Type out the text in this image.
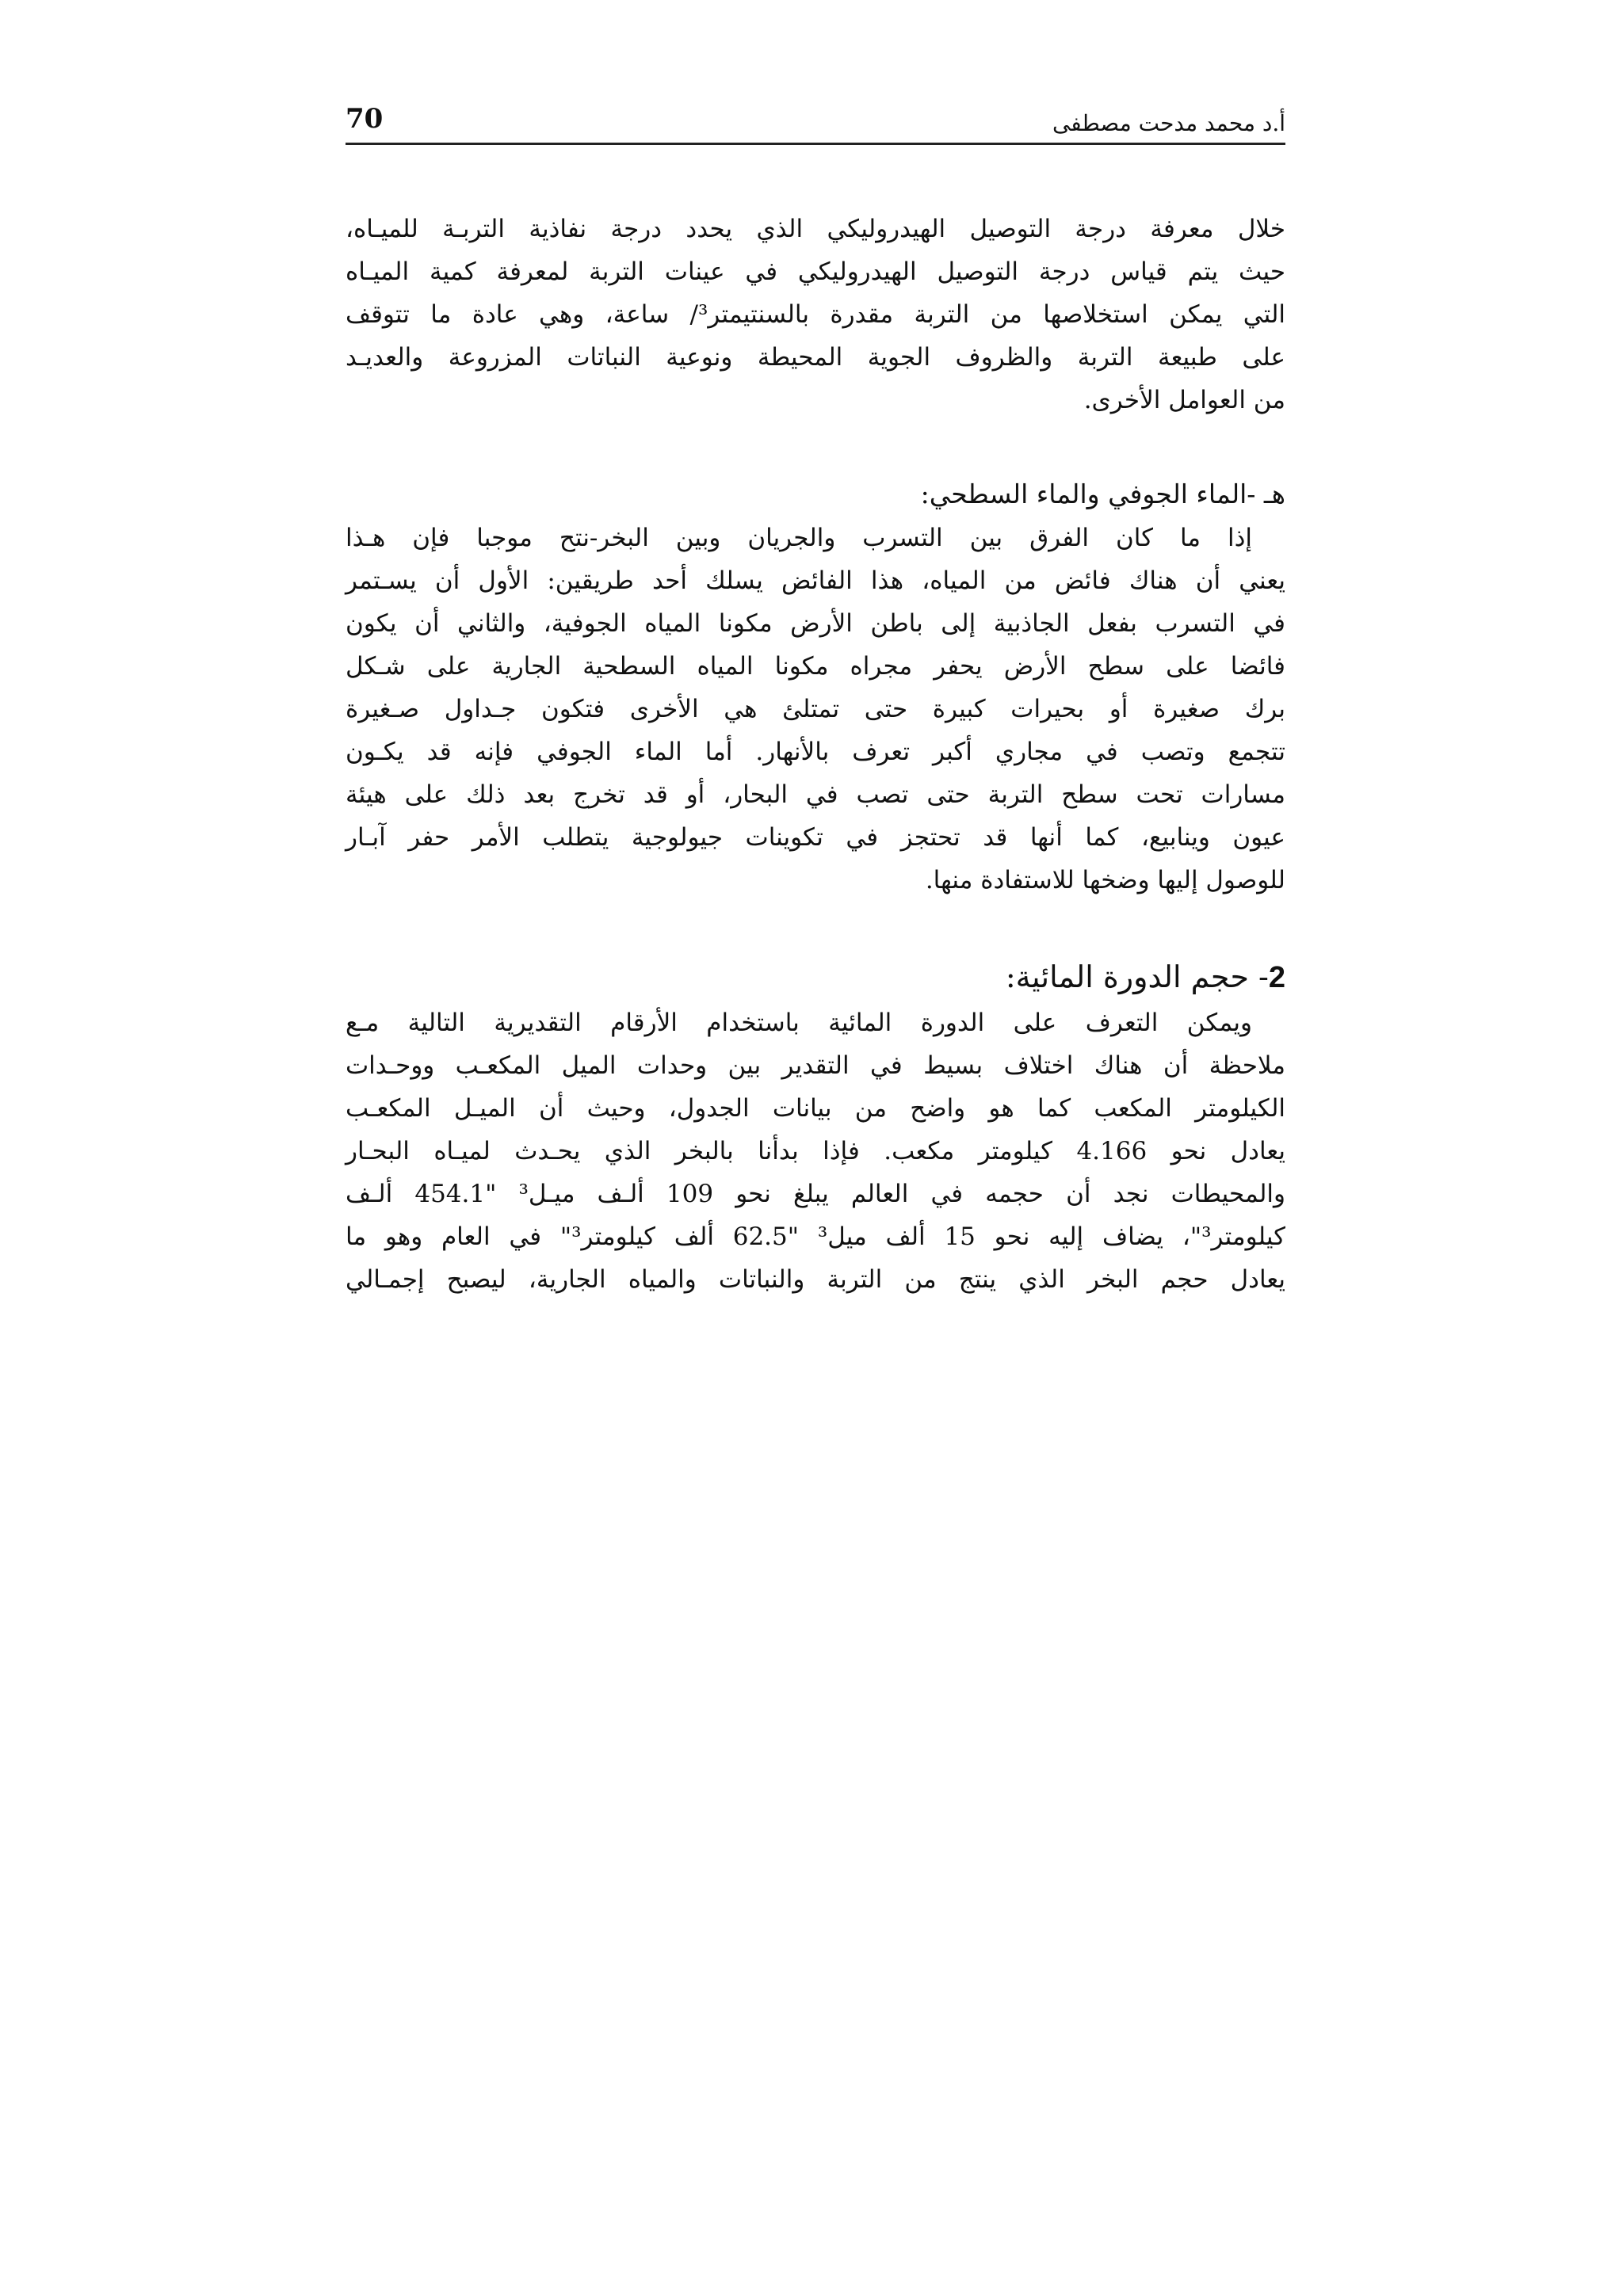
أ.د محمد مدحت مصطفى
70
خلال معرفة درجة التوصيل الهيدروليكي الذي يحدد درجة نفاذية التربـة للميـاه،
حيث يتم قياس درجة التوصيل الهيدروليكي في عينات التربة لمعرفة كمية الميـاه
التي يمكن استخلاصها من التربة مقدرة بالسنتيمتر³/ ساعة، وهي عادة ما تتوقف
على طبيعة التربة والظروف الجوية المحيطة ونوعية النباتات المزروعة والعديـد
من العوامل الأخرى.
هـ -الماء الجوفي والماء السطحي:
إذا ما كان الفرق بين التسرب والجريان وبين البخر-نتح موجبا فإن هـذا
يعني أن هناك فائض من المياه، هذا الفائض يسلك أحد طريقين: الأول أن يسـتمر
في التسرب بفعل الجاذبية إلى باطن الأرض مكونا المياه الجوفية، والثاني أن يكون
فائضا على سطح الأرض يحفر مجراه مكونا المياه السطحية الجارية على شـكل
برك صغيرة أو بحيرات كبيرة حتى تمتلئ هي الأخرى فتكون جـداول صـغيرة
تتجمع وتصب في مجاري أكبر تعرف بالأنهار. أما الماء الجوفي فإنه قد يكـون
مسارات تحت سطح التربة حتى تصب في البحار، أو قد تخرج بعد ذلك على هيئة
عيون وينابيع، كما أنها قد تحتجز في تكوينات جيولوجية يتطلب الأمر حفر آبـار
للوصول إليها وضخها للاستفادة منها.
2- حجم الدورة المائية:
ويمكن التعرف على الدورة المائية باستخدام الأرقام التقديرية التالية مـع
ملاحظة أن هناك اختلاف بسيط في التقدير بين وحدات الميل المكعـب ووحـدات
الكيلومتر المكعب كما هو واضح من بيانات الجدول، وحيث أن الميـل المكعـب
يعادل نحو 4.166 كيلومتر مكعب. فإذا بدأنا بالبخر الذي يحـدث لميـاه البحـار
والمحيطات نجد أن حجمه في العالم يبلغ نحو 109 ألـف ميـل³ "454.1 ألـف
كيلومتر³"، يضاف إليه نحو 15 ألف ميل³ "62.5 ألف كيلومتر³" في العام وهو ما
يعادل حجم البخر الذي ينتج من التربة والنباتات والمياه الجارية، ليصبح إجمـالي
